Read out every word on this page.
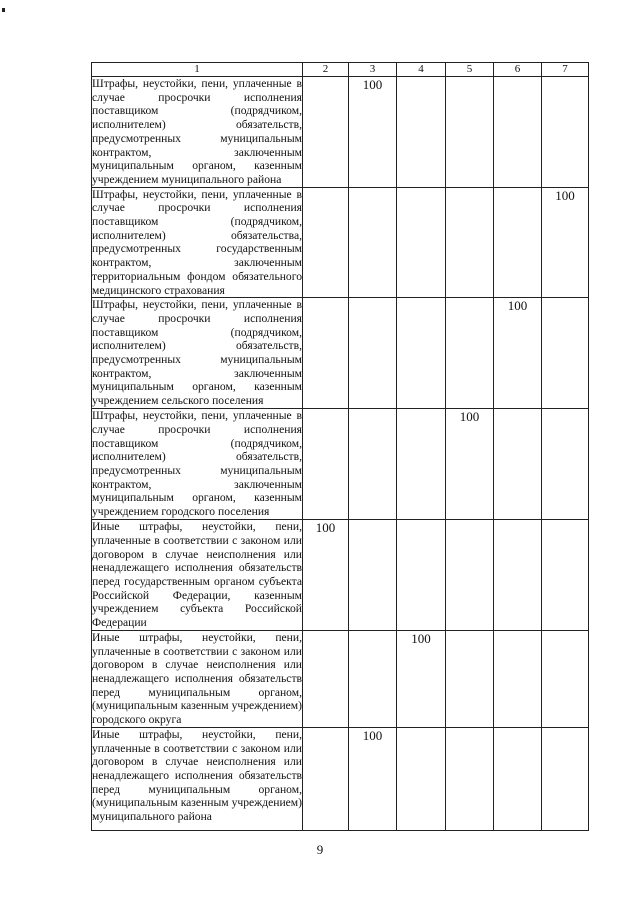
1	2	3	4	5	6	7
Штрафы, неустойки, пени, уплаченные в случае просрочки исполнения поставщиком (подрядчиком, исполнителем) обязательств, предусмотренных муниципальным контрактом, заключенным муниципальным органом, казенным учреждением муниципального района		100				
Штрафы, неустойки, пени, уплаченные в случае просрочки исполнения поставщиком (подрядчиком, исполнителем) обязательства, предусмотренных государственным контрактом, заключенным территориальным фондом обязательного медицинского страхования						100
Штрафы, неустойки, пени, уплаченные в случае просрочки исполнения поставщиком (подрядчиком, исполнителем) обязательств, предусмотренных муниципальным контрактом, заключенным муниципальным органом, казенным учреждением сельского поселения					100	
Штрафы, неустойки, пени, уплаченные в случае просрочки исполнения поставщиком (подрядчиком, исполнителем) обязательств, предусмотренных муниципальным контрактом, заключенным муниципальным органом, казенным учреждением городского поселения				100		
Иные штрафы, неустойки, пени, уплаченные в соответствии с законом или договором в случае неисполнения или ненадлежащего исполнения обязательств перед государственным органом субъекта Российской Федерации, казенным учреждением субъекта Российской Федерации	100					
Иные штрафы, неустойки, пени, уплаченные в соответствии с законом или договором в случае неисполнения или ненадлежащего исполнения обязательств перед муниципальным органом, (муниципальным казенным учреждением) городского округа			100			
Иные штрафы, неустойки, пени, уплаченные в соответствии с законом или договором в случае неисполнения или ненадлежащего исполнения обязательств перед муниципальным органом, (муниципальным казенным учреждением) муниципального района		100				
9
